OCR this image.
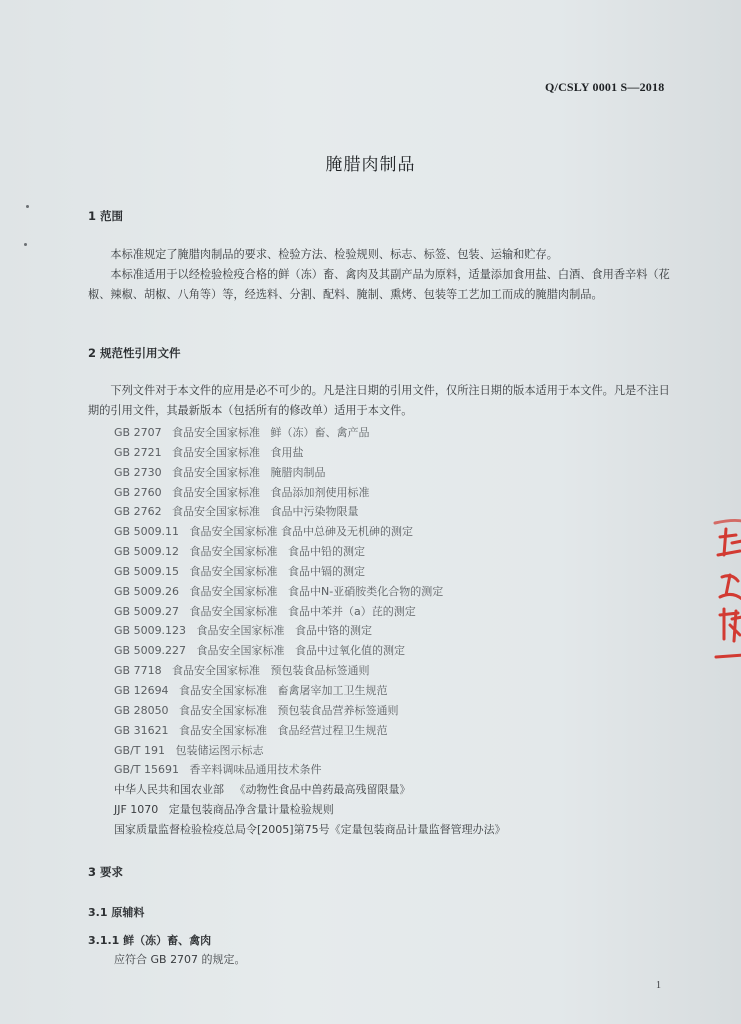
Q/CSLY 0001 S—2018
腌腊肉制品
1 范围

本标准规定了腌腊肉制品的要求、检验方法、检验规则、标志、标签、包装、运输和贮存。

本标准适用于以经检验检疫合格的鲜（冻）畜、禽肉及其副产品为原料，适量添加食用盐、白酒、食用香辛料（花椒、辣椒、胡椒、八角等）等，经选料、分割、配料、腌制、熏烤、包装等工艺加工而成的腌腊肉制品。

2 规范性引用文件

下列文件对于本文件的应用是必不可少的。凡是注日期的引用文件，仅所注日期的版本适用于本文件。凡是不注日期的引用文件，其最新版本（包括所有的修改单）适用于本文件。

GB 2707   食品安全国家标准   鲜（冻）畜、禽产品
GB 2721   食品安全国家标准   食用盐
GB 2730   食品安全国家标准   腌腊肉制品
GB 2760   食品安全国家标准   食品添加剂使用标准
GB 2762   食品安全国家标准   食品中污染物限量
GB 5009.11   食品安全国家标准 食品中总砷及无机砷的测定
GB 5009.12   食品安全国家标准   食品中铅的测定
GB 5009.15   食品安全国家标准   食品中镉的测定
GB 5009.26   食品安全国家标准   食品中N-亚硝胺类化合物的测定
GB 5009.27   食品安全国家标准   食品中苯并（a）芘的测定
GB 5009.123   食品安全国家标准   食品中铬的测定
GB 5009.227   食品安全国家标准   食品中过氧化值的测定
GB 7718   食品安全国家标准   预包装食品标签通则
GB 12694   食品安全国家标准   畜禽屠宰加工卫生规范
GB 28050   食品安全国家标准   预包装食品营养标签通则
GB 31621   食品安全国家标准   食品经营过程卫生规范
GB/T 191   包装储运图示标志
GB/T 15691   香辛料调味品通用技术条件
中华人民共和国农业部   《动物性食品中兽药最高残留限量》
JJF 1070   定量包装商品净含量计量检验规则
国家质量监督检验检疫总局令[2005]第75号《定量包装商品计量监督管理办法》
3 要求
3.1 原辅料
3.1.1 鲜（冻）畜、禽肉
应符合 GB 2707 的规定。
1
